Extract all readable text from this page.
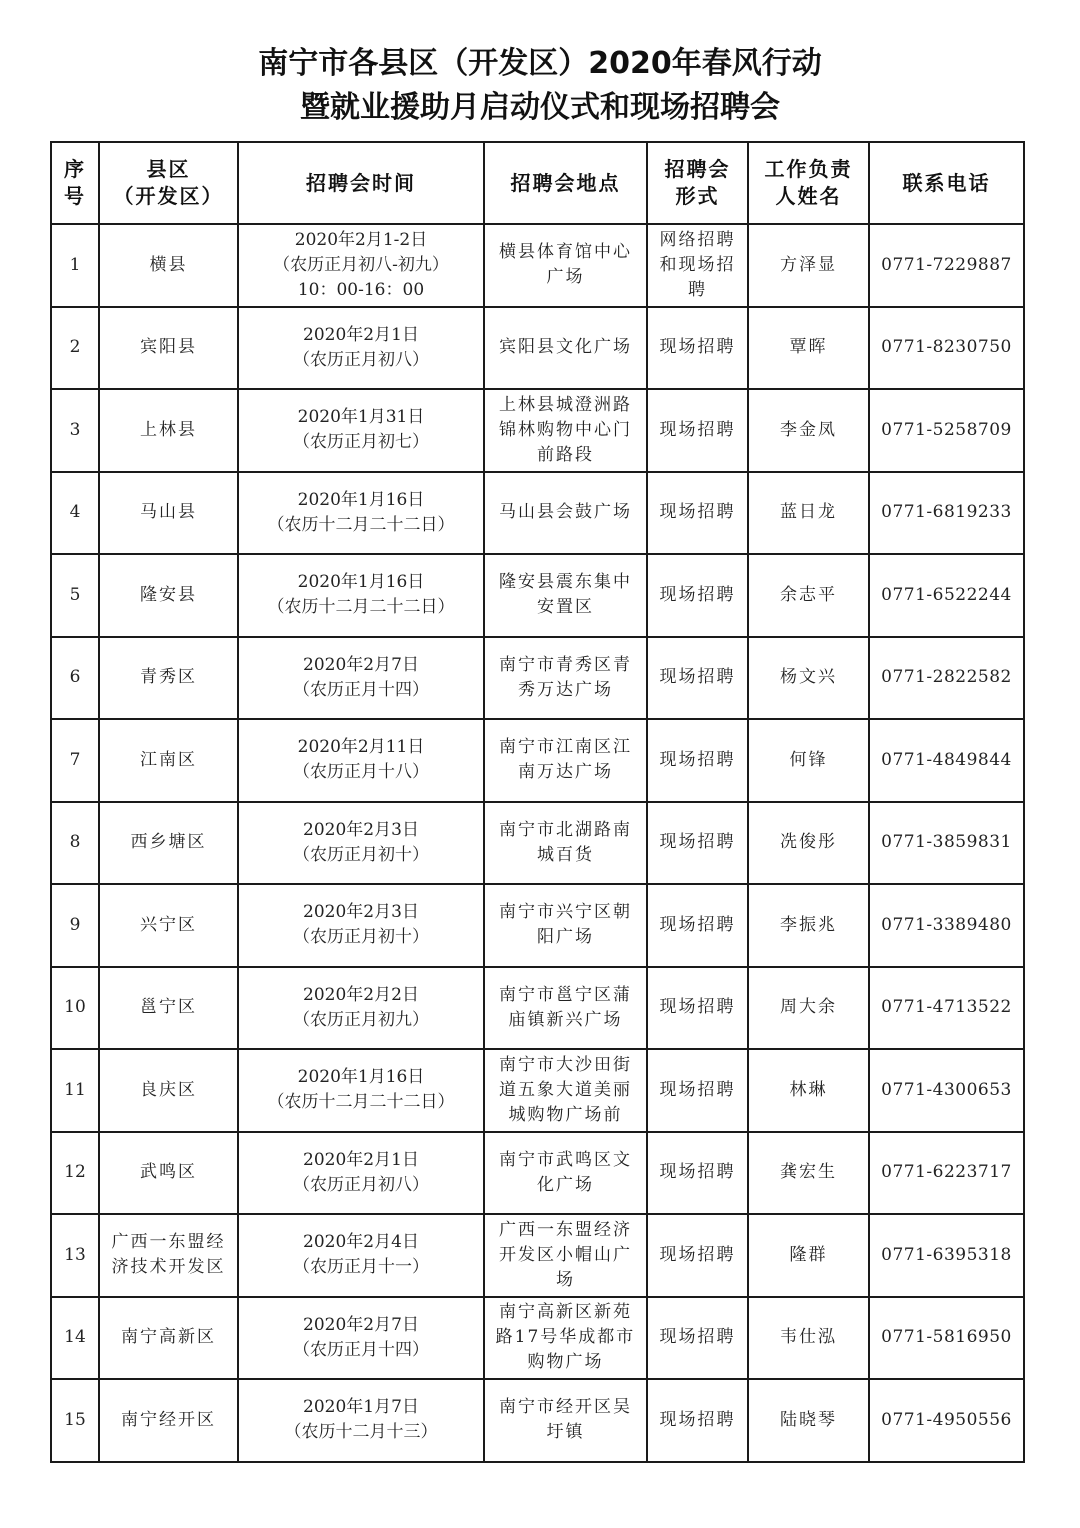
南宁市各县区（开发区）2020年春风行动
暨就业援助月启动仪式和现场招聘会
序
号	县区
（开发区）	招聘会时间	招聘会地点	招聘会
形式	工作负责
人姓名	联系电话

1	横县	2020年2月1-2日
（农历正月初八-初九）
10：00-16：00	横县体育馆中心
广场	网络招聘
和现场招
聘	方泽显	0771-7229887
2	宾阳县	2020年2月1日
（农历正月初八）	宾阳县文化广场	现场招聘	覃晖	0771-8230750
3	上林县	2020年1月31日
（农历正月初七）	上林县城澄洲路
锦林购物中心门
前路段	现场招聘	李金凤	0771-5258709
4	马山县	2020年1月16日
（农历十二月二十二日）	马山县会鼓广场	现场招聘	蓝日龙	0771-6819233
5	隆安县	2020年1月16日
（农历十二月二十二日）	隆安县震东集中
安置区	现场招聘	余志平	0771-6522244
6	青秀区	2020年2月7日
（农历正月十四）	南宁市青秀区青
秀万达广场	现场招聘	杨文兴	0771-2822582
7	江南区	2020年2月11日
（农历正月十八）	南宁市江南区江
南万达广场	现场招聘	何锋	0771-4849844
8	西乡塘区	2020年2月3日
（农历正月初十）	南宁市北湖路南
城百货	现场招聘	冼俊彤	0771-3859831
9	兴宁区	2020年2月3日
（农历正月初十）	南宁市兴宁区朝
阳广场	现场招聘	李振兆	0771-3389480
10	邕宁区	2020年2月2日
（农历正月初九）	南宁市邕宁区蒲
庙镇新兴广场	现场招聘	周大余	0771-4713522
11	良庆区	2020年1月16日
（农历十二月二十二日）	南宁市大沙田街
道五象大道美丽
城购物广场前	现场招聘	林琳	0771-4300653
12	武鸣区	2020年2月1日
（农历正月初八）	南宁市武鸣区文
化广场	现场招聘	龚宏生	0771-6223717
13	广西一东盟经
济技术开发区	2020年2月4日
（农历正月十一）	广西一东盟经济
开发区小帽山广
场	现场招聘	隆群	0771-6395318
14	南宁高新区	2020年2月7日
（农历正月十四）	南宁高新区新苑
路17号华成都市
购物广场	现场招聘	韦仕泓	0771-5816950
15	南宁经开区	2020年1月7日
（农历十二月十三）	南宁市经开区吴
圩镇	现场招聘	陆晓琴	0771-4950556
